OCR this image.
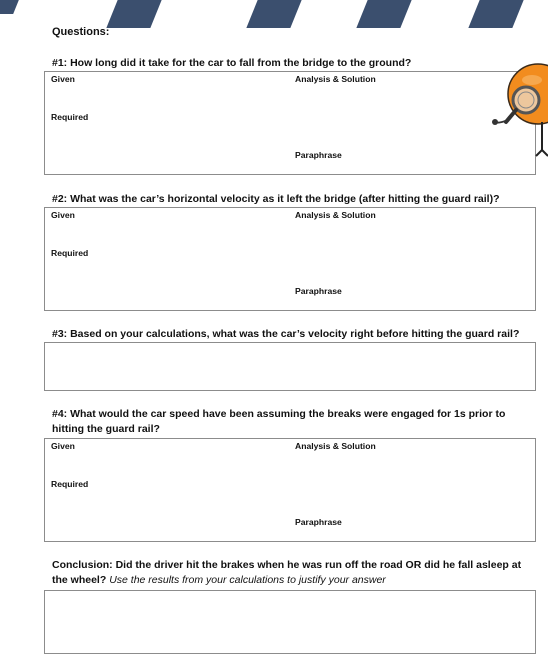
Questions:
#1: How long did it take for the car to fall from the bridge to the ground?
Given	Analysis & Solution
Required
Paraphrase
#2: What was the car’s horizontal velocity as it left the bridge (after hitting the guard rail)?
Given	Analysis & Solution
Required
Paraphrase
#3: Based on your calculations, what was the car’s velocity right before hitting the guard rail?
#4: What would the car speed have been assuming the breaks were engaged for 1s prior to
hitting the guard rail?
Given	Analysis & Solution
Required
Paraphrase
Conclusion: Did the driver hit the brakes when he was run off the road OR did he fall asleep at
the wheel? Use the results from your calculations to justify your answer
